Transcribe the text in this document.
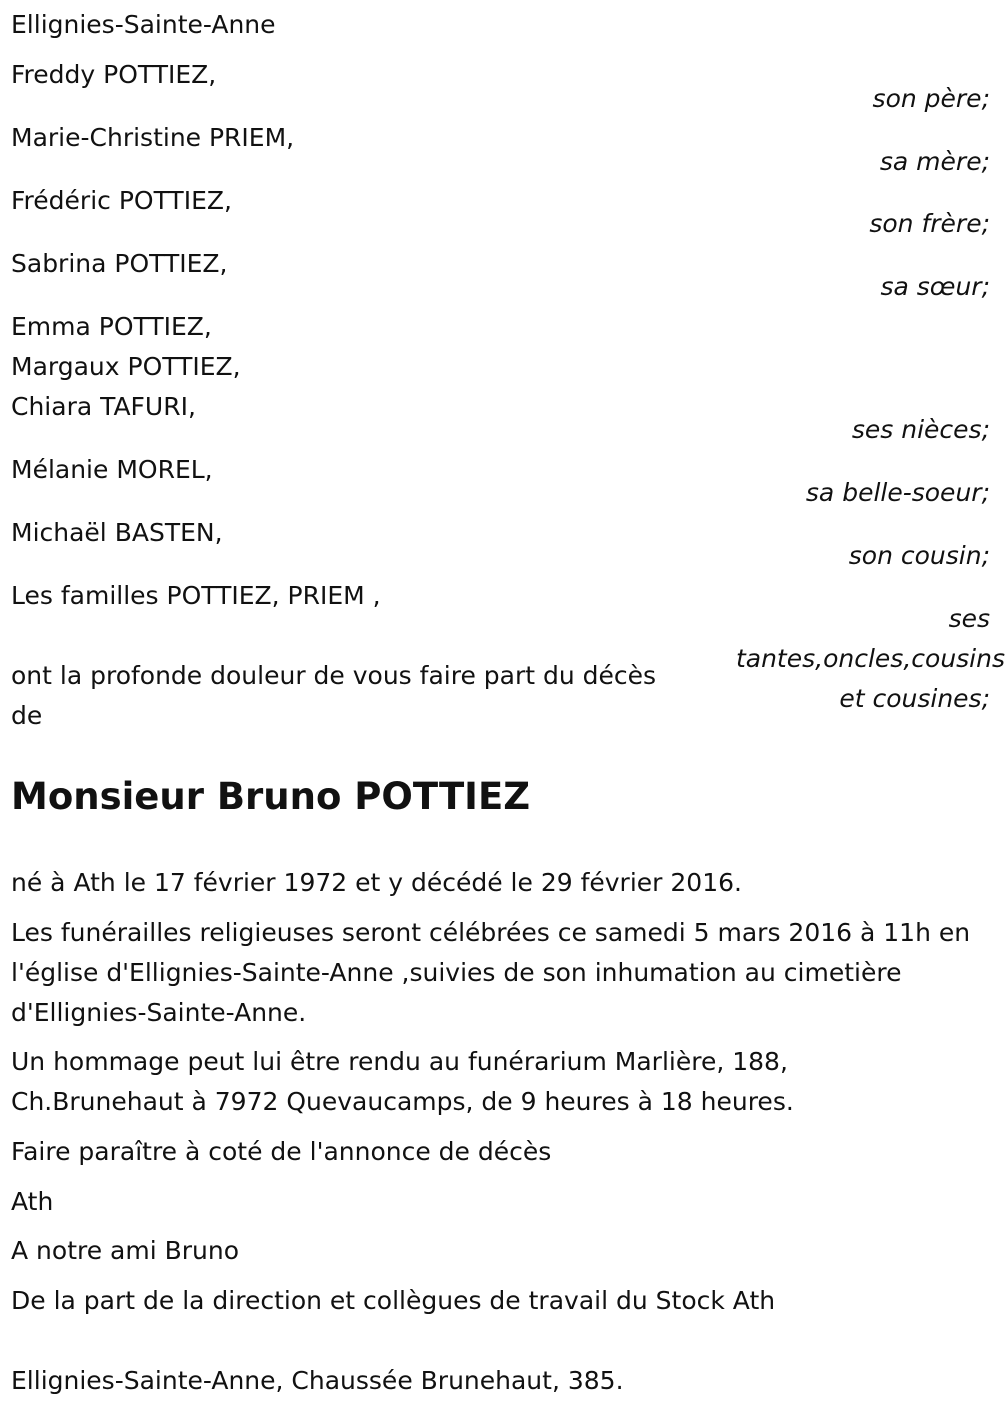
Ellignies-Sainte-Anne
Freddy POTTIEZ,
son père;
Marie-Christine PRIEM,
sa mère;
Frédéric POTTIEZ,
son frère;
Sabrina POTTIEZ,
sa sœur;
Emma POTTIEZ,
Margaux POTTIEZ,
Chiara TAFURI,
ses nièces;
Mélanie MOREL,
sa belle-soeur;
Michaël BASTEN,
son cousin;
Les familles POTTIEZ, PRIEM ,
ses
tantes,oncles,cousins
et cousines;
ont la profonde douleur de vous faire part du décès
de
Monsieur Bruno POTTIEZ
né à Ath le 17 février 1972 et y décédé le 29 février 2016.
Les funérailles religieuses seront célébrées ce samedi 5 mars 2016 à 11h en l'église d'Ellignies-Sainte-Anne ,suivies de son inhumation au cimetière d'Ellignies-Sainte-Anne.
Un hommage peut lui être rendu au funérarium Marlière, 188, Ch.Brunehaut à 7972 Quevaucamps, de 9 heures à 18 heures.
Faire paraître à coté de l'annonce de décès
Ath
A notre ami Bruno
De la part de la direction et collègues de travail du Stock Ath
Ellignies-Sainte-Anne, Chaussée Brunehaut, 385.
